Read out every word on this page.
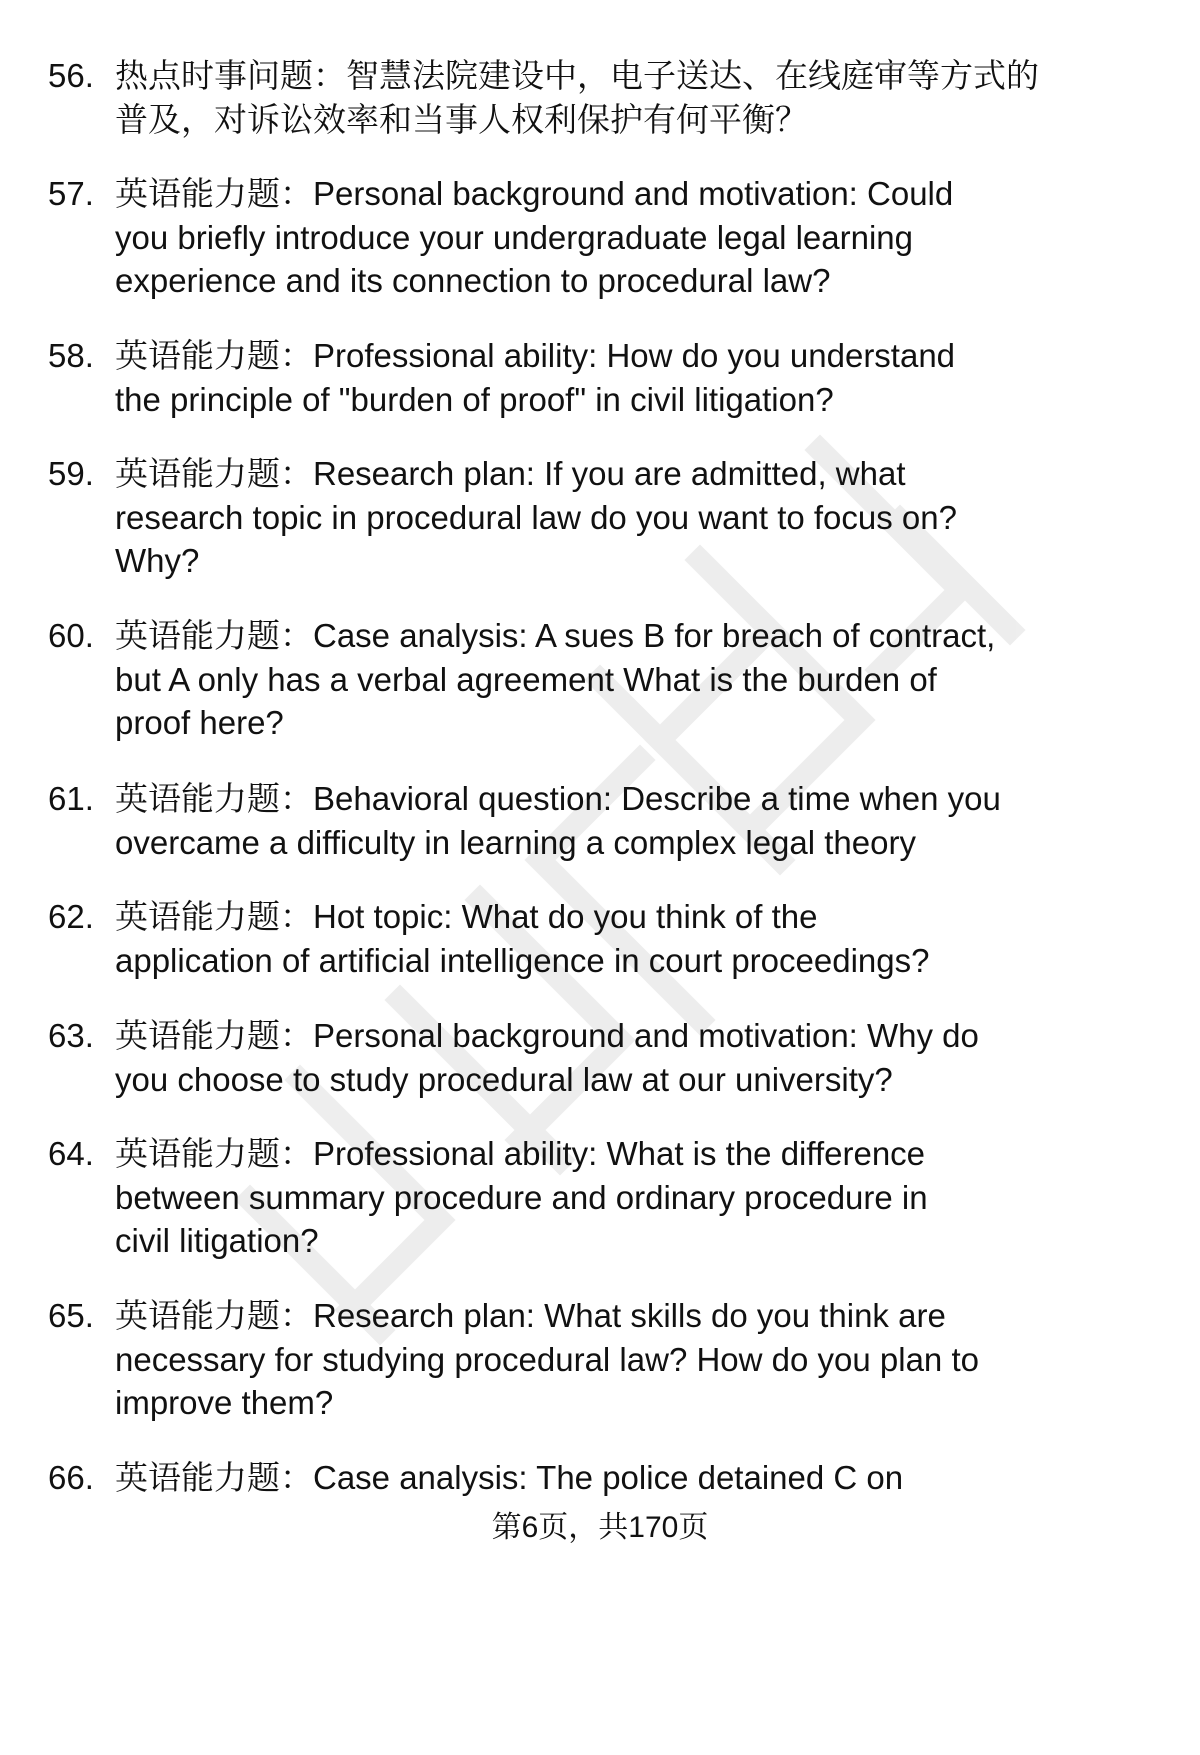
56. 热点时事问题：智慧法院建设中，电子送达、在线庭审等方式的
普及，对诉讼效率和当事人权利保护有何平衡？
57. 英语能力题：Personal background and motivation: Could
you briefly introduce your undergraduate legal learning
experience and its connection to procedural law?
58. 英语能力题：Professional ability: How do you understand
the principle of "burden of proof" in civil litigation?
59. 英语能力题：Research plan: If you are admitted, what
research topic in procedural law do you want to focus on?
Why?
60. 英语能力题：Case analysis: A sues B for breach of contract,
but A only has a verbal agreement What is the burden of
proof here?
61. 英语能力题：Behavioral question: Describe a time when you
overcame a difficulty in learning a complex legal theory
62. 英语能力题：Hot topic: What do you think of the
application of artificial intelligence in court proceedings?
63. 英语能力题：Personal background and motivation: Why do
you choose to study procedural law at our university?
64. 英语能力题：Professional ability: What is the difference
between summary procedure and ordinary procedure in
civil litigation?
65. 英语能力题：Research plan: What skills do you think are
necessary for studying procedural law? How do you plan to
improve them?
66. 英语能力题：Case analysis: The police detained C on
第6页，共170页
